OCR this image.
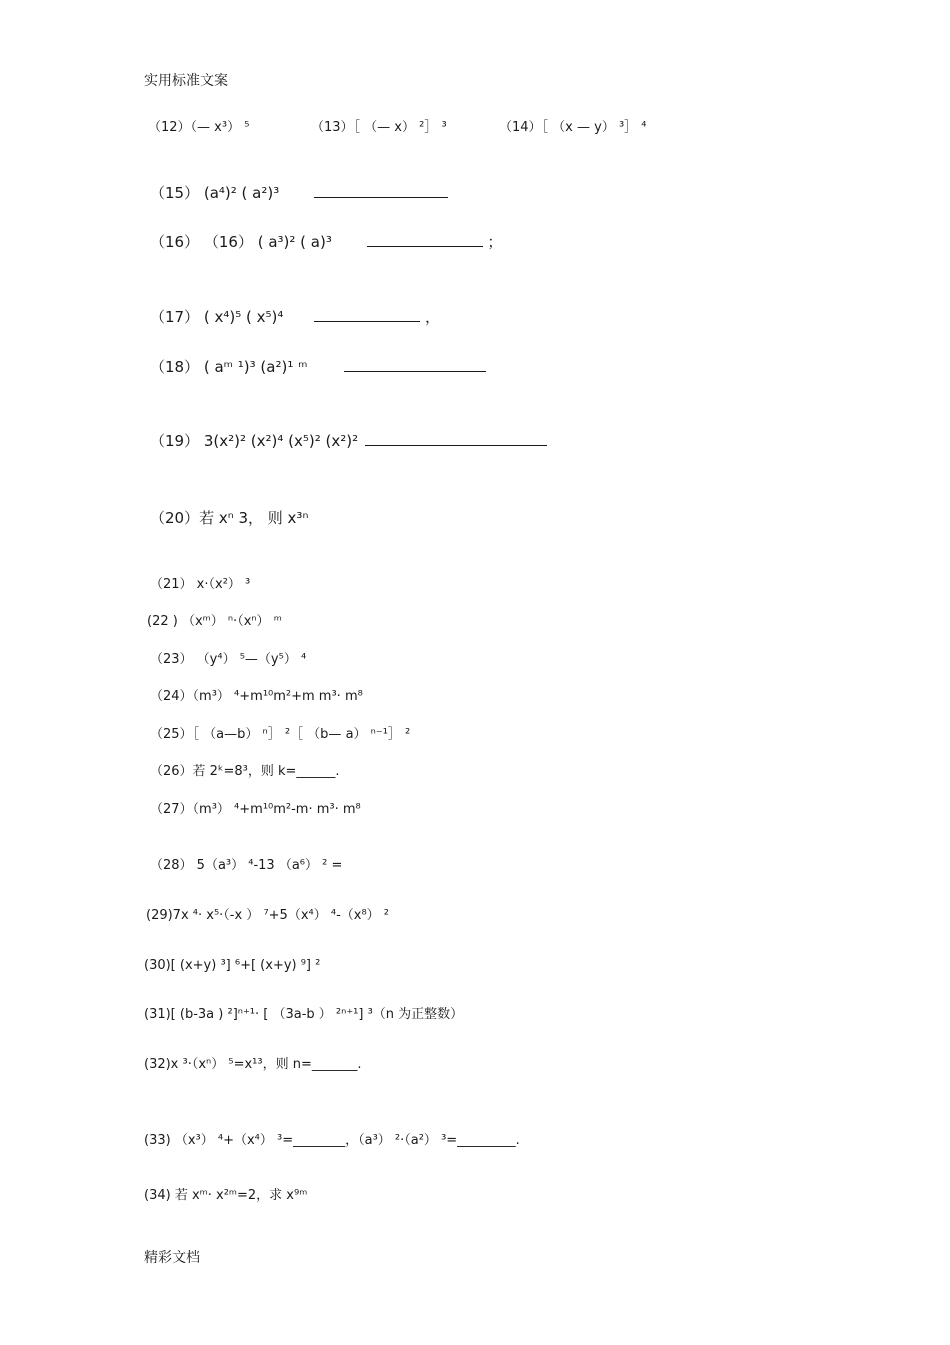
实用标准文案
（12）（— x³） ⁵	（13）［ （— x） ²］ ³	（14）［ （x — y） ³］ ⁴
（15） (a⁴)² ( a²)³
（16） （16） ( a³)² ( a)³	；
（17） ( x⁴)⁵ ( x⁵)⁴	，
（18） ( aᵐ ¹)³ (a²)¹ ᵐ
（19） 3(x²)² (x²)⁴ (x⁵)² (x²)²
（20）若 xⁿ 3， 则 x³ⁿ
（21） x·（x²） ³
(22 ) （xᵐ） ⁿ·（xⁿ） ᵐ
（23） （y⁴） ⁵—（y⁵） ⁴
（24）（m³） ⁴+m¹⁰m²+m m³· m⁸
（25）［ （a—b） ⁿ］ ²［ （b— a） ⁿ⁻¹］ ²
（26）若 2ᵏ=8³，则 k=______.
（27）（m³） ⁴+m¹⁰m²-m· m³· m⁸
（28） 5（a³） ⁴-13 （a⁶） ² =
(29)7x ⁴· x⁵·（-x ） ⁷+5（x⁴） ⁴-（x⁸） ²
(30)[ (x+y) ³] ⁶+[ (x+y) ⁹] ²
(31)[ (b-3a ) ²]ⁿ⁺¹· [ （3a-b ） ²ⁿ⁺¹] ³（n 为正整数）
(32)x ³·（xⁿ） ⁵=x¹³，则 n=_______.
(33) （x³） ⁴+（x⁴） ³=________，（a³） ²·（a²） ³=_________.
(34) 若 xᵐ· x²ᵐ=2，求 x⁹ᵐ
精彩文档
